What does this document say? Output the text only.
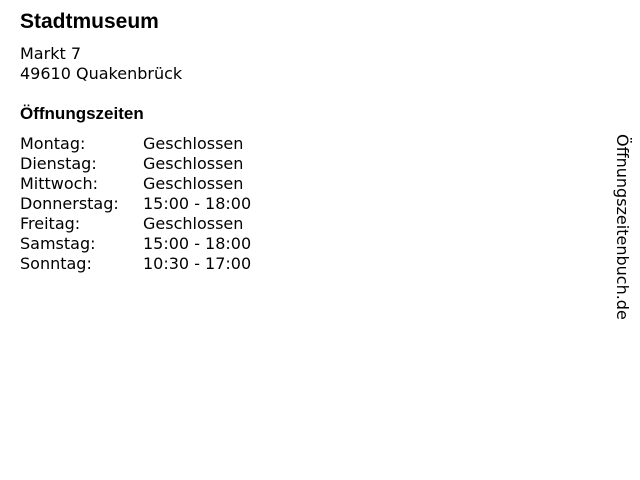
Stadtmuseum
Markt 7
49610 Quakenbrück
Öffnungszeiten
Montag:	Geschlossen
Dienstag:	Geschlossen
Mittwoch:	Geschlossen
Donnerstag:	15:00 - 18:00
Freitag:	Geschlossen
Samstag:	15:00 - 18:00
Sonntag:	10:30 - 17:00	Öffnungszeitenbuch.de
